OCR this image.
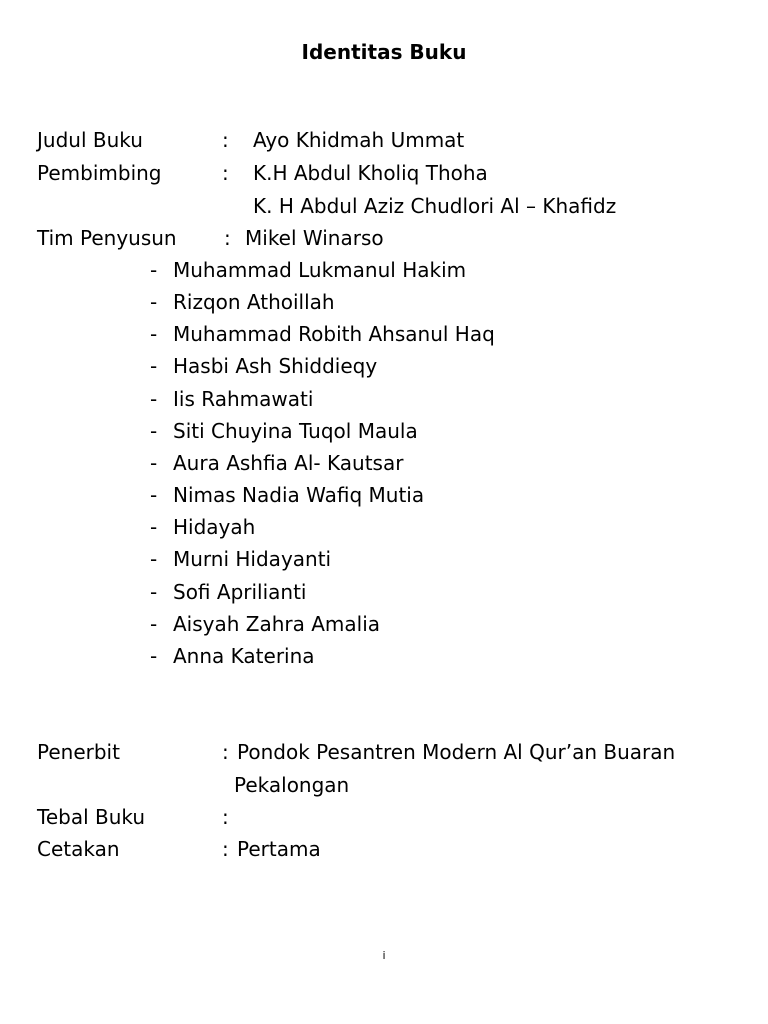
Identitas Buku
Judul Buku	: Ayo Khidmah Ummat
Pembimbing	: K.H Abdul Kholiq Thoha
K. H Abdul Aziz Chudlori Al – Khafidz
Tim Penyusun : Mikel Winarso
- Muhammad Lukmanul Hakim
- Rizqon Athoillah
- Muhammad Robith Ahsanul Haq
- Hasbi Ash Shiddieqy
- Iis Rahmawati
- Siti Chuyina Tuqol Maula
- Aura Ashfia Al- Kautsar
- Nimas Nadia Wafiq Mutia
- Hidayah
- Murni Hidayanti
- Sofi Aprilianti
- Aisyah Zahra Amalia
- Anna Katerina
Penerbit	: Pondok Pesantren Modern Al Qur’an Buaran
Pekalongan
Tebal Buku	:
Cetakan	: Pertama
i
